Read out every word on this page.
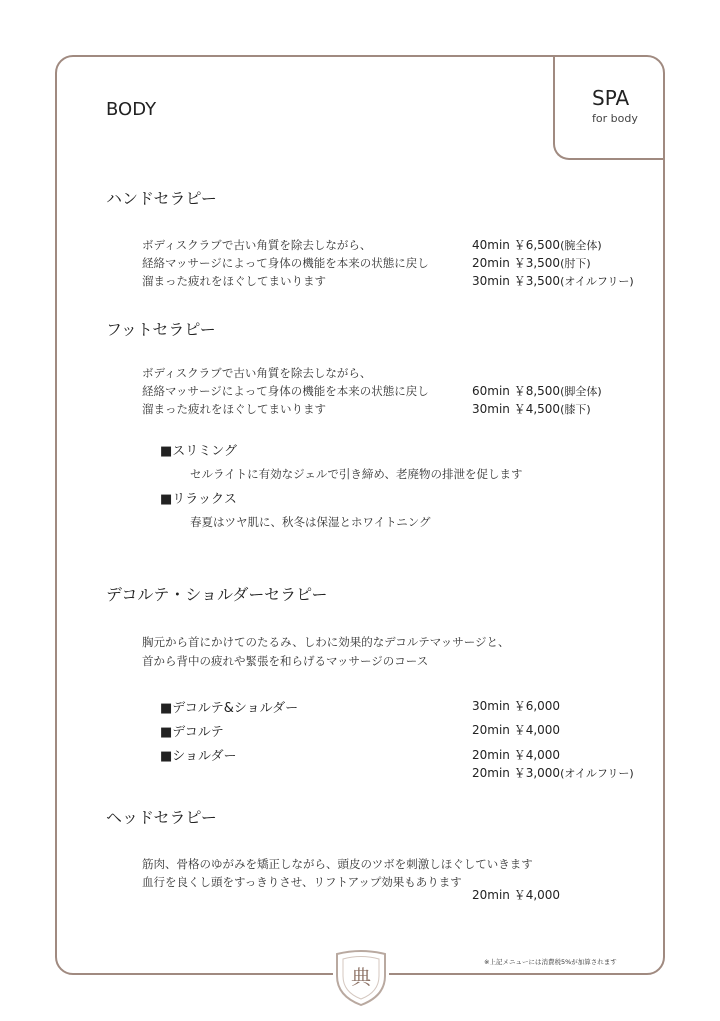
SPA
for body
BODY
ハンドセラピー
ボディスクラブで古い角質を除去しながら、
経絡マッサージによって身体の機能を本来の状態に戻し
溜まった疲れをほぐしてまいります
40min ￥6,500(腕全体)
20min ￥3,500(肘下)
30min ￥3,500(オイルフリー)
フットセラピー
ボディスクラブで古い角質を除去しながら、
経絡マッサージによって身体の機能を本来の状態に戻し
溜まった疲れをほぐしてまいります
60min ￥8,500(脚全体)
30min ￥4,500(膝下)
■スリミング
セルライトに有効なジェルで引き締め、老廃物の排泄を促します
■リラックス
春夏はツヤ肌に、秋冬は保湿とホワイトニング
デコルテ・ショルダーセラピー
胸元から首にかけてのたるみ、しわに効果的なデコルテマッサージと、
首から背中の疲れや緊張を和らげるマッサージのコース
■デコルテ&ショルダー	30min ￥6,000
■デコルテ	20min ￥4,000
■ショルダー	20min ￥4,000
20min ￥3,000(オイルフリー)
ヘッドセラピー
筋肉、骨格のゆがみを矯正しながら、頭皮のツボを刺激しほぐしていきます
血行を良くし頭をすっきりさせ、リフトアップ効果もあります
20min ￥4,000
※上記メニューには消費税5%が加算されます
典
